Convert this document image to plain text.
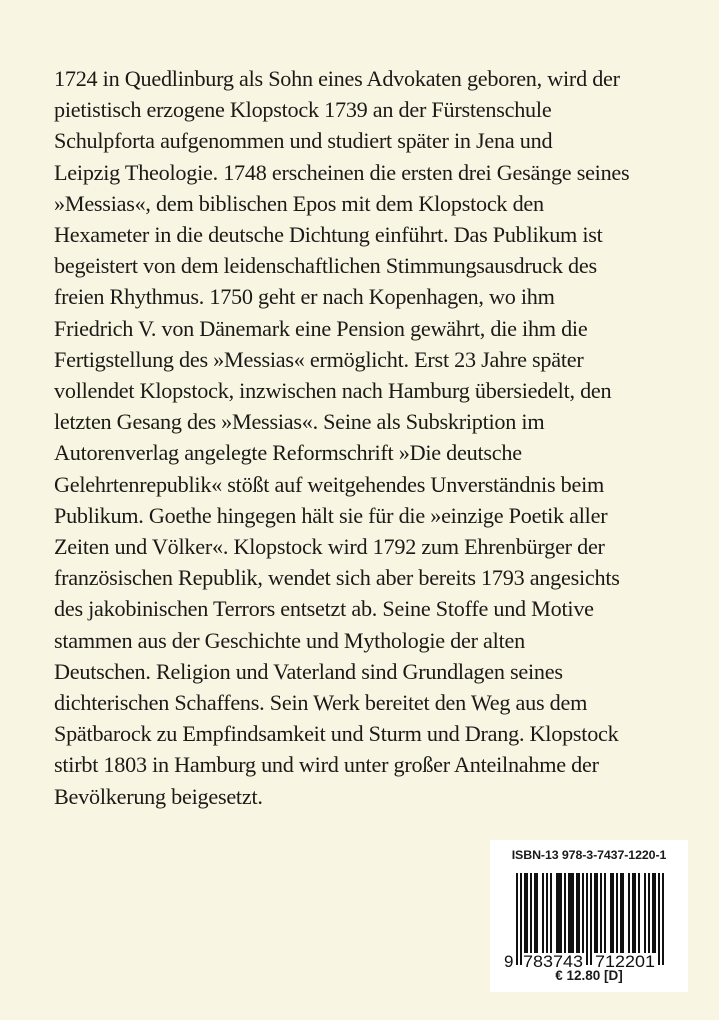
1724 in Quedlinburg als Sohn eines Advokaten geboren, wird der
pietistisch erzogene Klopstock 1739 an der Fürstenschule
Schulpforta aufgenommen und studiert später in Jena und
Leipzig Theologie. 1748 erscheinen die ersten drei Gesänge seines
»Messias«, dem biblischen Epos mit dem Klopstock den
Hexameter in die deutsche Dichtung einführt. Das Publikum ist
begeistert von dem leidenschaftlichen Stimmungsausdruck des
freien Rhythmus. 1750 geht er nach Kopenhagen, wo ihm
Friedrich V. von Dänemark eine Pension gewährt, die ihm die
Fertigstellung des »Messias« ermöglicht. Erst 23 Jahre später
vollendet Klopstock, inzwischen nach Hamburg übersiedelt, den
letzten Gesang des »Messias«. Seine als Subskription im
Autorenverlag angelegte Reformschrift »Die deutsche
Gelehrtenrepublik« stößt auf weitgehendes Unverständnis beim
Publikum. Goethe hingegen hält sie für die »einzige Poetik aller
Zeiten und Völker«. Klopstock wird 1792 zum Ehrenbürger der
französischen Republik, wendet sich aber bereits 1793 angesichts
des jakobinischen Terrors entsetzt ab. Seine Stoffe und Motive
stammen aus der Geschichte und Mythologie der alten
Deutschen. Religion und Vaterland sind Grundlagen seines
dichterischen Schaffens. Sein Werk bereitet den Weg aus dem
Spätbarock zu Empfindsamkeit und Sturm und Drang. Klopstock
stirbt 1803 in Hamburg und wird unter großer Anteilnahme der
Bevölkerung beigesetzt.

ISBN-13 978-3-7437-1220-1
9 783743 712201
€ 12.80 [D]
